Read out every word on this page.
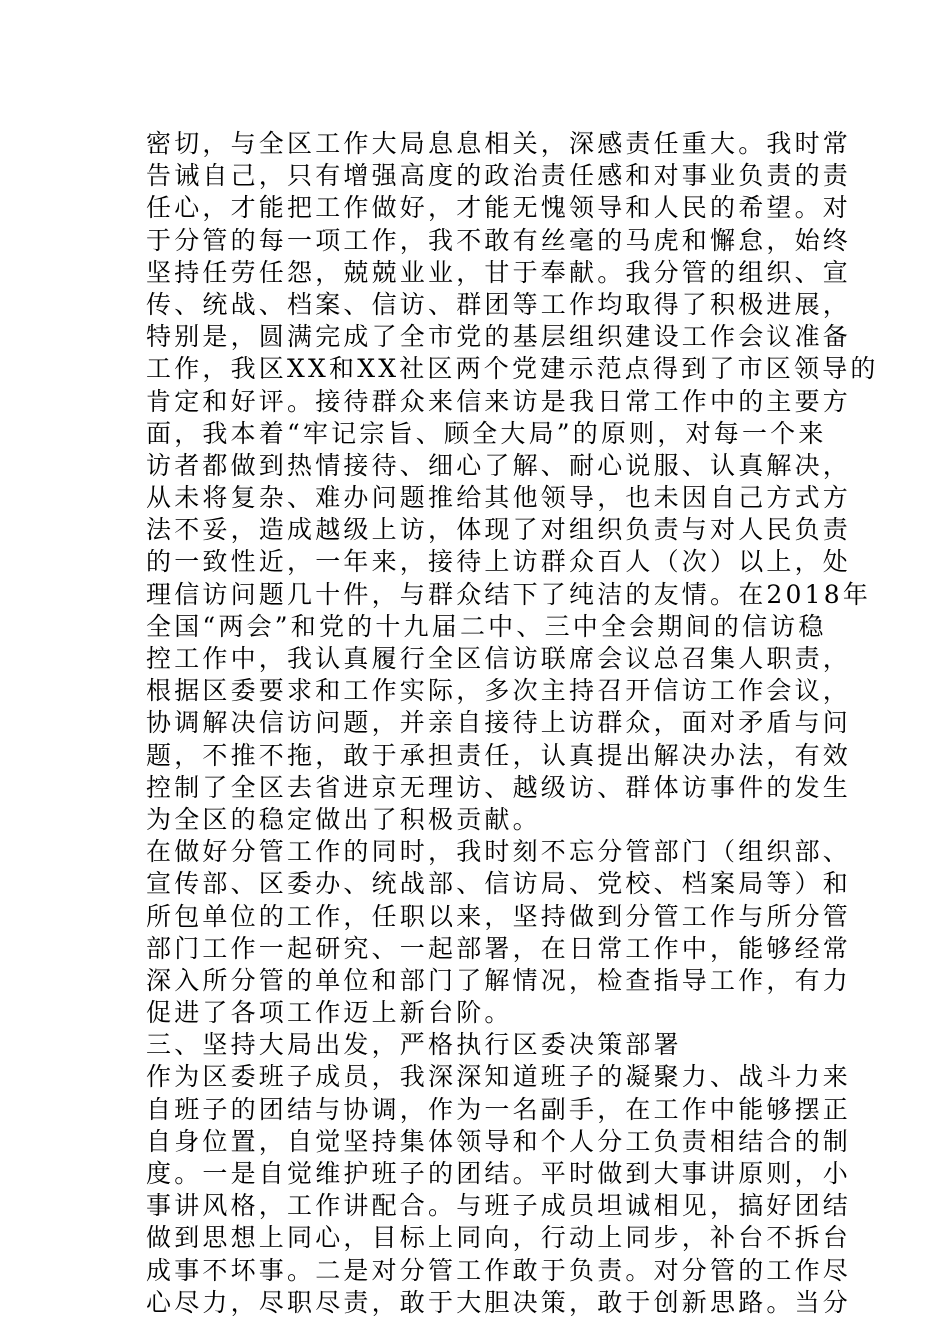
密切，与全区工作大局息息相关，深感责任重大。我时常
告诫自己，只有增强高度的政治责任感和对事业负责的责
任心，才能把工作做好，才能无愧领导和人民的希望。对
于分管的每一项工作，我不敢有丝毫的马虎和懈怠，始终
坚持任劳任怨，兢兢业业，甘于奉献。我分管的组织、宣
传、统战、档案、信访、群团等工作均取得了积极进展，
特别是，圆满完成了全市党的基层组织建设工作会议准备
工作，我区XX和XX社区两个党建示范点得到了市区领导的
肯定和好评。接待群众来信来访是我日常工作中的主要方
面，我本着“牢记宗旨、顾全大局”的原则，对每一个来
访者都做到热情接待、细心了解、耐心说服、认真解决，
从未将复杂、难办问题推给其他领导，也未因自己方式方
法不妥，造成越级上访，体现了对组织负责与对人民负责
的一致性近，一年来，接待上访群众百人（次）以上，处
理信访问题几十件，与群众结下了纯洁的友情。在2018年
全国“两会”和党的十九届二中、三中全会期间的信访稳
控工作中，我认真履行全区信访联席会议总召集人职责，
根据区委要求和工作实际，多次主持召开信访工作会议，
协调解决信访问题，并亲自接待上访群众，面对矛盾与问
题，不推不拖，敢于承担责任，认真提出解决办法，有效
控制了全区去省进京无理访、越级访、群体访事件的发生
为全区的稳定做出了积极贡献。
在做好分管工作的同时，我时刻不忘分管部门（组织部、
宣传部、区委办、统战部、信访局、党校、档案局等）和
所包单位的工作，任职以来，坚持做到分管工作与所分管
部门工作一起研究、一起部署，在日常工作中，能够经常
深入所分管的单位和部门了解情况，检查指导工作，有力
促进了各项工作迈上新台阶。
三、坚持大局出发，严格执行区委决策部署
作为区委班子成员，我深深知道班子的凝聚力、战斗力来
自班子的团结与协调，作为一名副手，在工作中能够摆正
自身位置，自觉坚持集体领导和个人分工负责相结合的制
度。一是自觉维护班子的团结。平时做到大事讲原则，小
事讲风格，工作讲配合。与班子成员坦诚相见，搞好团结
做到思想上同心，目标上同向，行动上同步，补台不拆台
成事不坏事。二是对分管工作敢于负责。对分管的工作尽
心尽力，尽职尽责，敢于大胆决策，敢于创新思路。当分
